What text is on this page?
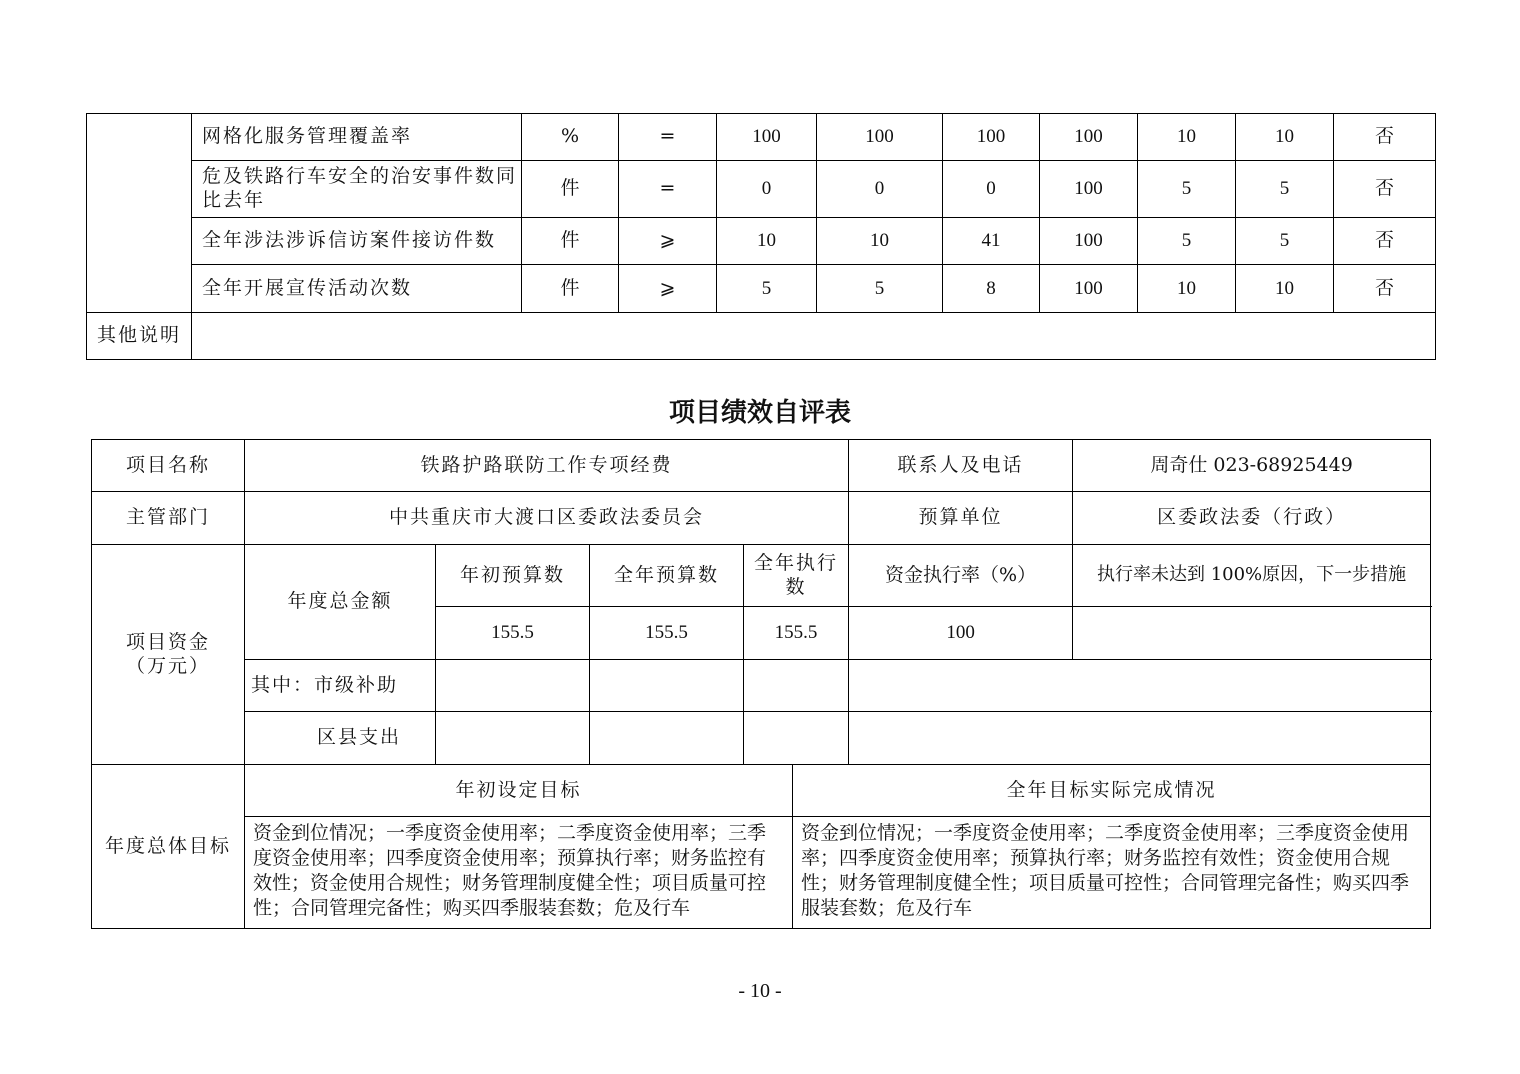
	网格化服务管理覆盖率	%	=	100	100	100	100	10	10	否
	危及铁路行车安全的治安事件数同比去年	件	=	0	0	0	100	5	5	否
	全年涉法涉诉信访案件接访件数	件	⩾	10	10	41	100	5	5	否
	全年开展宣传活动次数	件	⩾	5	5	8	100	10	10	否
其他说明										
项目绩效自评表
项目名称	铁路护路联防工作专项经费					联系人及电话	周奇仕 023-68925449
主管部门	中共重庆市大渡口区委政法委员会					预算单位	区委政法委（行政）
项目资金（万元）	年度总金额	年初预算数	全年预算数	全年执行数		资金执行率（%）	执行率未达到 100%原因，下一步措施
		155.5	155.5	155.5		100	
	其中：市级补助						
	区县支出						
年度总体目标	年初设定目标				全年目标实际完成情况		

	资金到位情况；一季度资金使用率；二季度资金使用率；三季度资金使用率；四季度资金使用率；预算执行率；财务监控有效性；资金使用合规性；财务管理制度健全性；项目质量可控性；合同管理完备性；购买四季服装套数；危及行车				资金到位情况；一季度资金使用率；二季度资金使用率；三季度资金使用率；四季度资金使用率；预算执行率；财务监控有效性；资金使用合规性；财务管理制度健全性；项目质量可控性；合同管理完备性；购买四季服装套数；危及行车		
- 10 -
